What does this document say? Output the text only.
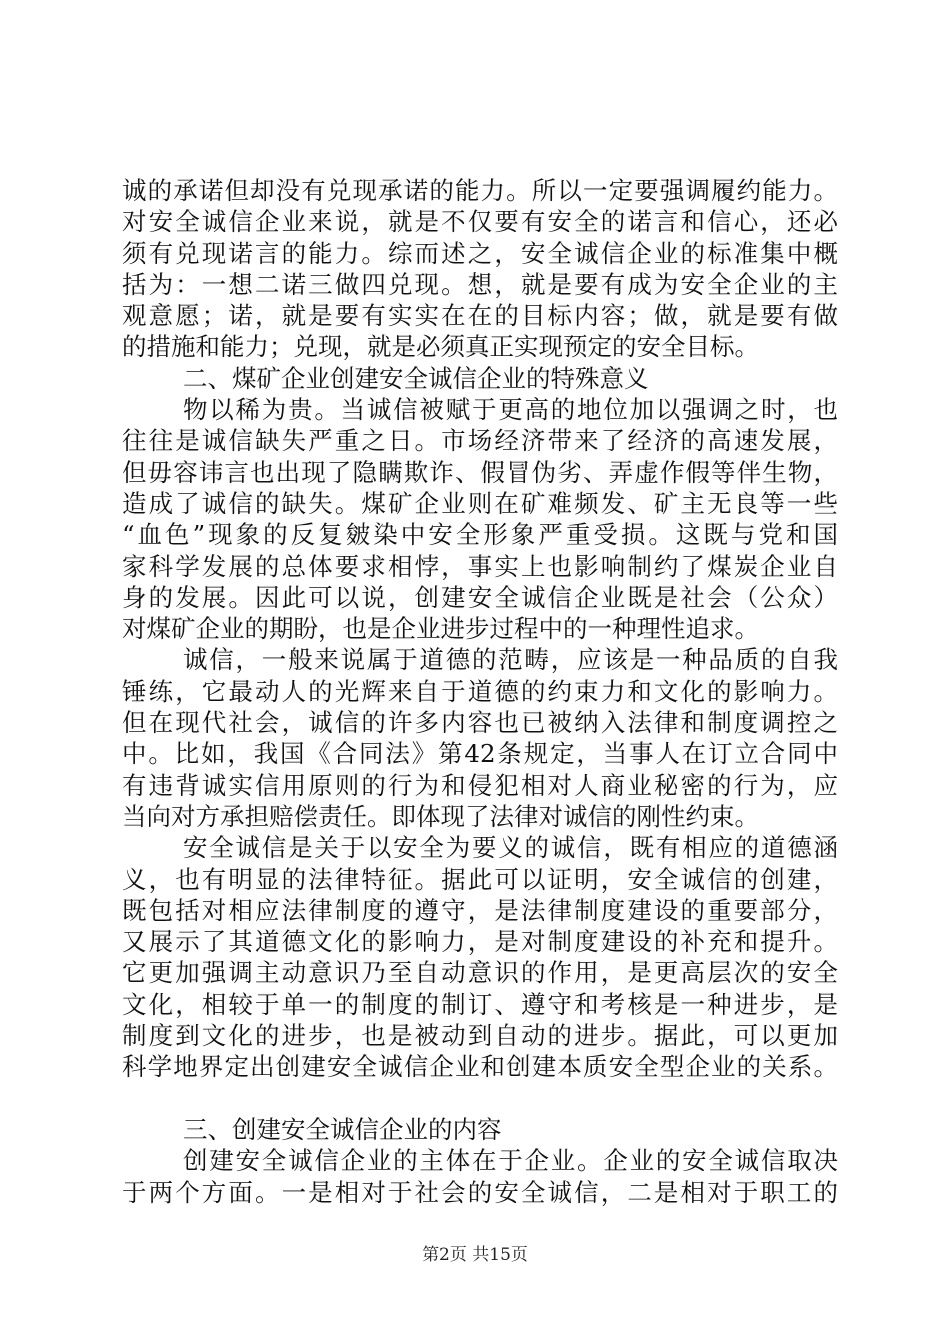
诚的承诺但却没有兑现承诺的能力。所以一定要强调履约能力。
对安全诚信企业来说，就是不仅要有安全的诺言和信心，还必
须有兑现诺言的能力。综而述之，安全诚信企业的标准集中概
括为：一想二诺三做四兑现。想，就是要有成为安全企业的主
观意愿；诺，就是要有实实在在的目标内容；做，就是要有做
的措施和能力；兑现，就是必须真正实现预定的安全目标。
二、煤矿企业创建安全诚信企业的特殊意义
物以稀为贵。当诚信被赋于更高的地位加以强调之时，也
往往是诚信缺失严重之日。市场经济带来了经济的高速发展，
但毋容讳言也出现了隐瞒欺诈、假冒伪劣、弄虚作假等伴生物，
造成了诚信的缺失。煤矿企业则在矿难频发、矿主无良等一些
“血色”现象的反复皴染中安全形象严重受损。这既与党和国
家科学发展的总体要求相悖，事实上也影响制约了煤炭企业自
身的发展。因此可以说，创建安全诚信企业既是社会（公众）
对煤矿企业的期盼，也是企业进步过程中的一种理性追求。
诚信，一般来说属于道德的范畴，应该是一种品质的自我
锤练，它最动人的光辉来自于道德的约束力和文化的影响力。
但在现代社会，诚信的许多内容也已被纳入法律和制度调控之
中。比如，我国《合同法》第42条规定，当事人在订立合同中
有违背诚实信用原则的行为和侵犯相对人商业秘密的行为，应
当向对方承担赔偿责任。即体现了法律对诚信的刚性约束。
安全诚信是关于以安全为要义的诚信，既有相应的道德涵
义，也有明显的法律特征。据此可以证明，安全诚信的创建，
既包括对相应法律制度的遵守，是法律制度建设的重要部分，
又展示了其道德文化的影响力，是对制度建设的补充和提升。
它更加强调主动意识乃至自动意识的作用，是更高层次的安全
文化，相较于单一的制度的制订、遵守和考核是一种进步，是
制度到文化的进步，也是被动到自动的进步。据此，可以更加
科学地界定出创建安全诚信企业和创建本质安全型企业的关系。
三、创建安全诚信企业的内容
创建安全诚信企业的主体在于企业。企业的安全诚信取决
于两个方面。一是相对于社会的安全诚信，二是相对于职工的
第2页 共15页
